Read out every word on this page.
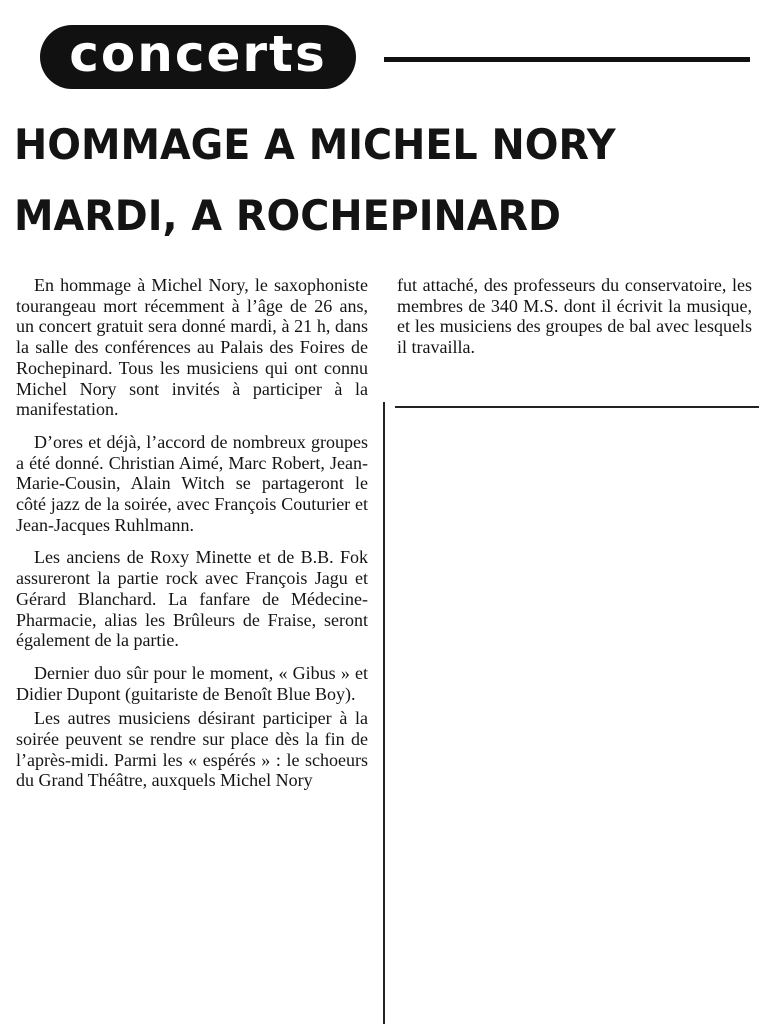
concerts
HOMMAGE A MICHEL NORY
MARDI, A ROCHEPINARD

En hommage à Michel Nory, le saxophoniste tourangeau mort récemment à l’âge de 26 ans, un concert gratuit sera donné mardi, à 21 h, dans la salle des conférences au Palais des Foires de Rochepinard. Tous les musiciens qui ont connu Michel Nory sont invités à participer à la manifestation.

D’ores et déjà, l’accord de nombreux groupes a été donné. Christian Aimé, Marc Robert, Jean-Marie-Cousin, Alain Witch se partageront le côté jazz de la soirée, avec François Couturier et Jean-Jacques Ruhlmann.

Les anciens de Roxy Minette et de B.B. Fok assureront la partie rock avec François Jagu et Gérard Blanchard. La fanfare de Médecine-Pharmacie, alias les Brûleurs de Fraise, seront également de la partie.

Dernier duo sûr pour le moment, « Gibus » et Didier Dupont (guitariste de Benoît Blue Boy).

Les autres musiciens désirant participer à la soirée peuvent se rendre sur place dès la fin de l’après-midi. Parmi les « espérés » : le schoeurs du Grand Théâtre, auxquels Michel Nory

fut attaché, des professeurs du conservatoire, les membres de 340 M.S. dont il écrivit la musique, et les musiciens des groupes de bal avec lesquels il travailla.
